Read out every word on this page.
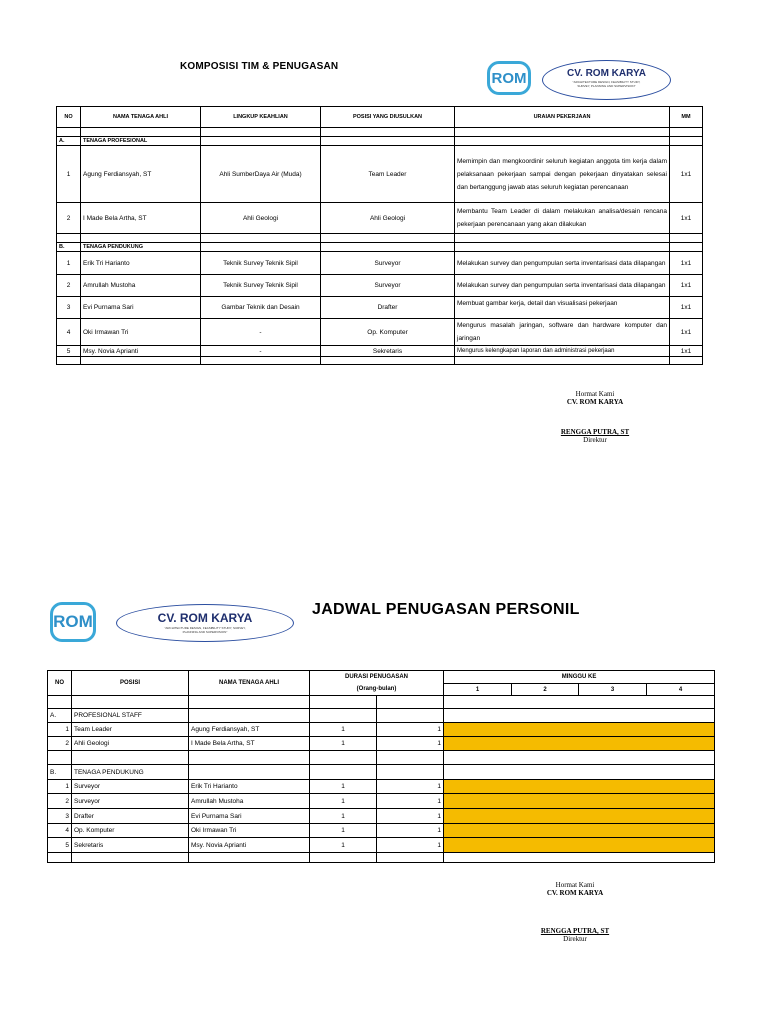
KOMPOSISI TIM & PENUGASAN
ROM	CV. ROM KARYA
"ARCHITECTURE DESIGN, FEASIBILITY STUDY, SURVEY, PLANNING AND SUPERVISION"
NO	NAMA TENAGA AHLI	LINGKUP KEAHLIAN	POSISI YANG DIUSULKAN	URAIAN PEKERJAAN	MM

A.	TENAGA PROFESIONAL				
1	Agung Ferdiansyah, ST	Ahli SumberDaya Air (Muda)	Team Leader	Memimpin dan mengkoordinir seluruh kegiatan anggota tim kerja dalam pelaksanaan pekerjaan sampai dengan pekerjaan dinyatakan selesai dan bertanggung jawab atas seluruh kegiatan perencanaan	1x1
2	I Made Bela Artha, ST	Ahli Geologi	Ahli Geologi	Membantu Team Leader di dalam melakukan analisa/desain rencana pekerjaan perencanaan yang akan dilakukan	1x1

B.	TENAGA PENDUKUNG				
1	Erik Tri Harianto	Teknik Survey Teknik Sipil	Surveyor	Melakukan survey dan pengumpulan serta inventarisasi data dilapangan	1x1
2	Amrullah Mustoha	Teknik Survey Teknik Sipil	Surveyor	Melakukan survey dan pengumpulan serta inventarisasi data dilapangan	1x1
3	Evi Purnama Sari	Gambar Teknik dan Desain	Drafter	Membuat gambar kerja, detail dan visualisasi pekerjaan	1x1
4	Oki Irmawan Tri	-	Op. Komputer	Mengurus masalah jaringan, software dan hardware komputer dan jaringan	1x1
5	Msy. Novia Aprianti	-	Sekretaris	Mengurus kelengkapan laporan dan administrasi pekerjaan	1x1

Hormat Kami
CV. ROM KARYA
RENGGA PUTRA, ST
Direktur
ROM	CV. ROM KARYA
"ARCHITECTURE DESIGN, FEASIBILITY STUDY, SURVEY, PLANNING AND SUPERVISION"
JADWAL PENUGASAN PERSONIL
NO	POSISI	NAMA TENAGA AHLI	DURASI PENUGASAN		MINGGU KE			
			(Orang-bulan)		1	2	3	4

A.	PROFESIONAL STAFF							
1	Team Leader	Agung Ferdiansyah, ST	1	1				
2	Ahli Geologi	I Made Bela Artha, ST	1	1				

B.	TENAGA PENDUKUNG							
1	Surveyor	Erik Tri Harianto	1	1				
2	Surveyor	Amrullah Mustoha	1	1				
3	Drafter	Evi Purnama Sari	1	1				
4	Op. Komputer	Oki Irmawan Tri	1	1				
5	Sekretaris	Msy. Novia Aprianti	1	1				

Hormat Kami
CV. ROM KARYA
RENGGA PUTRA, ST
Direktur
